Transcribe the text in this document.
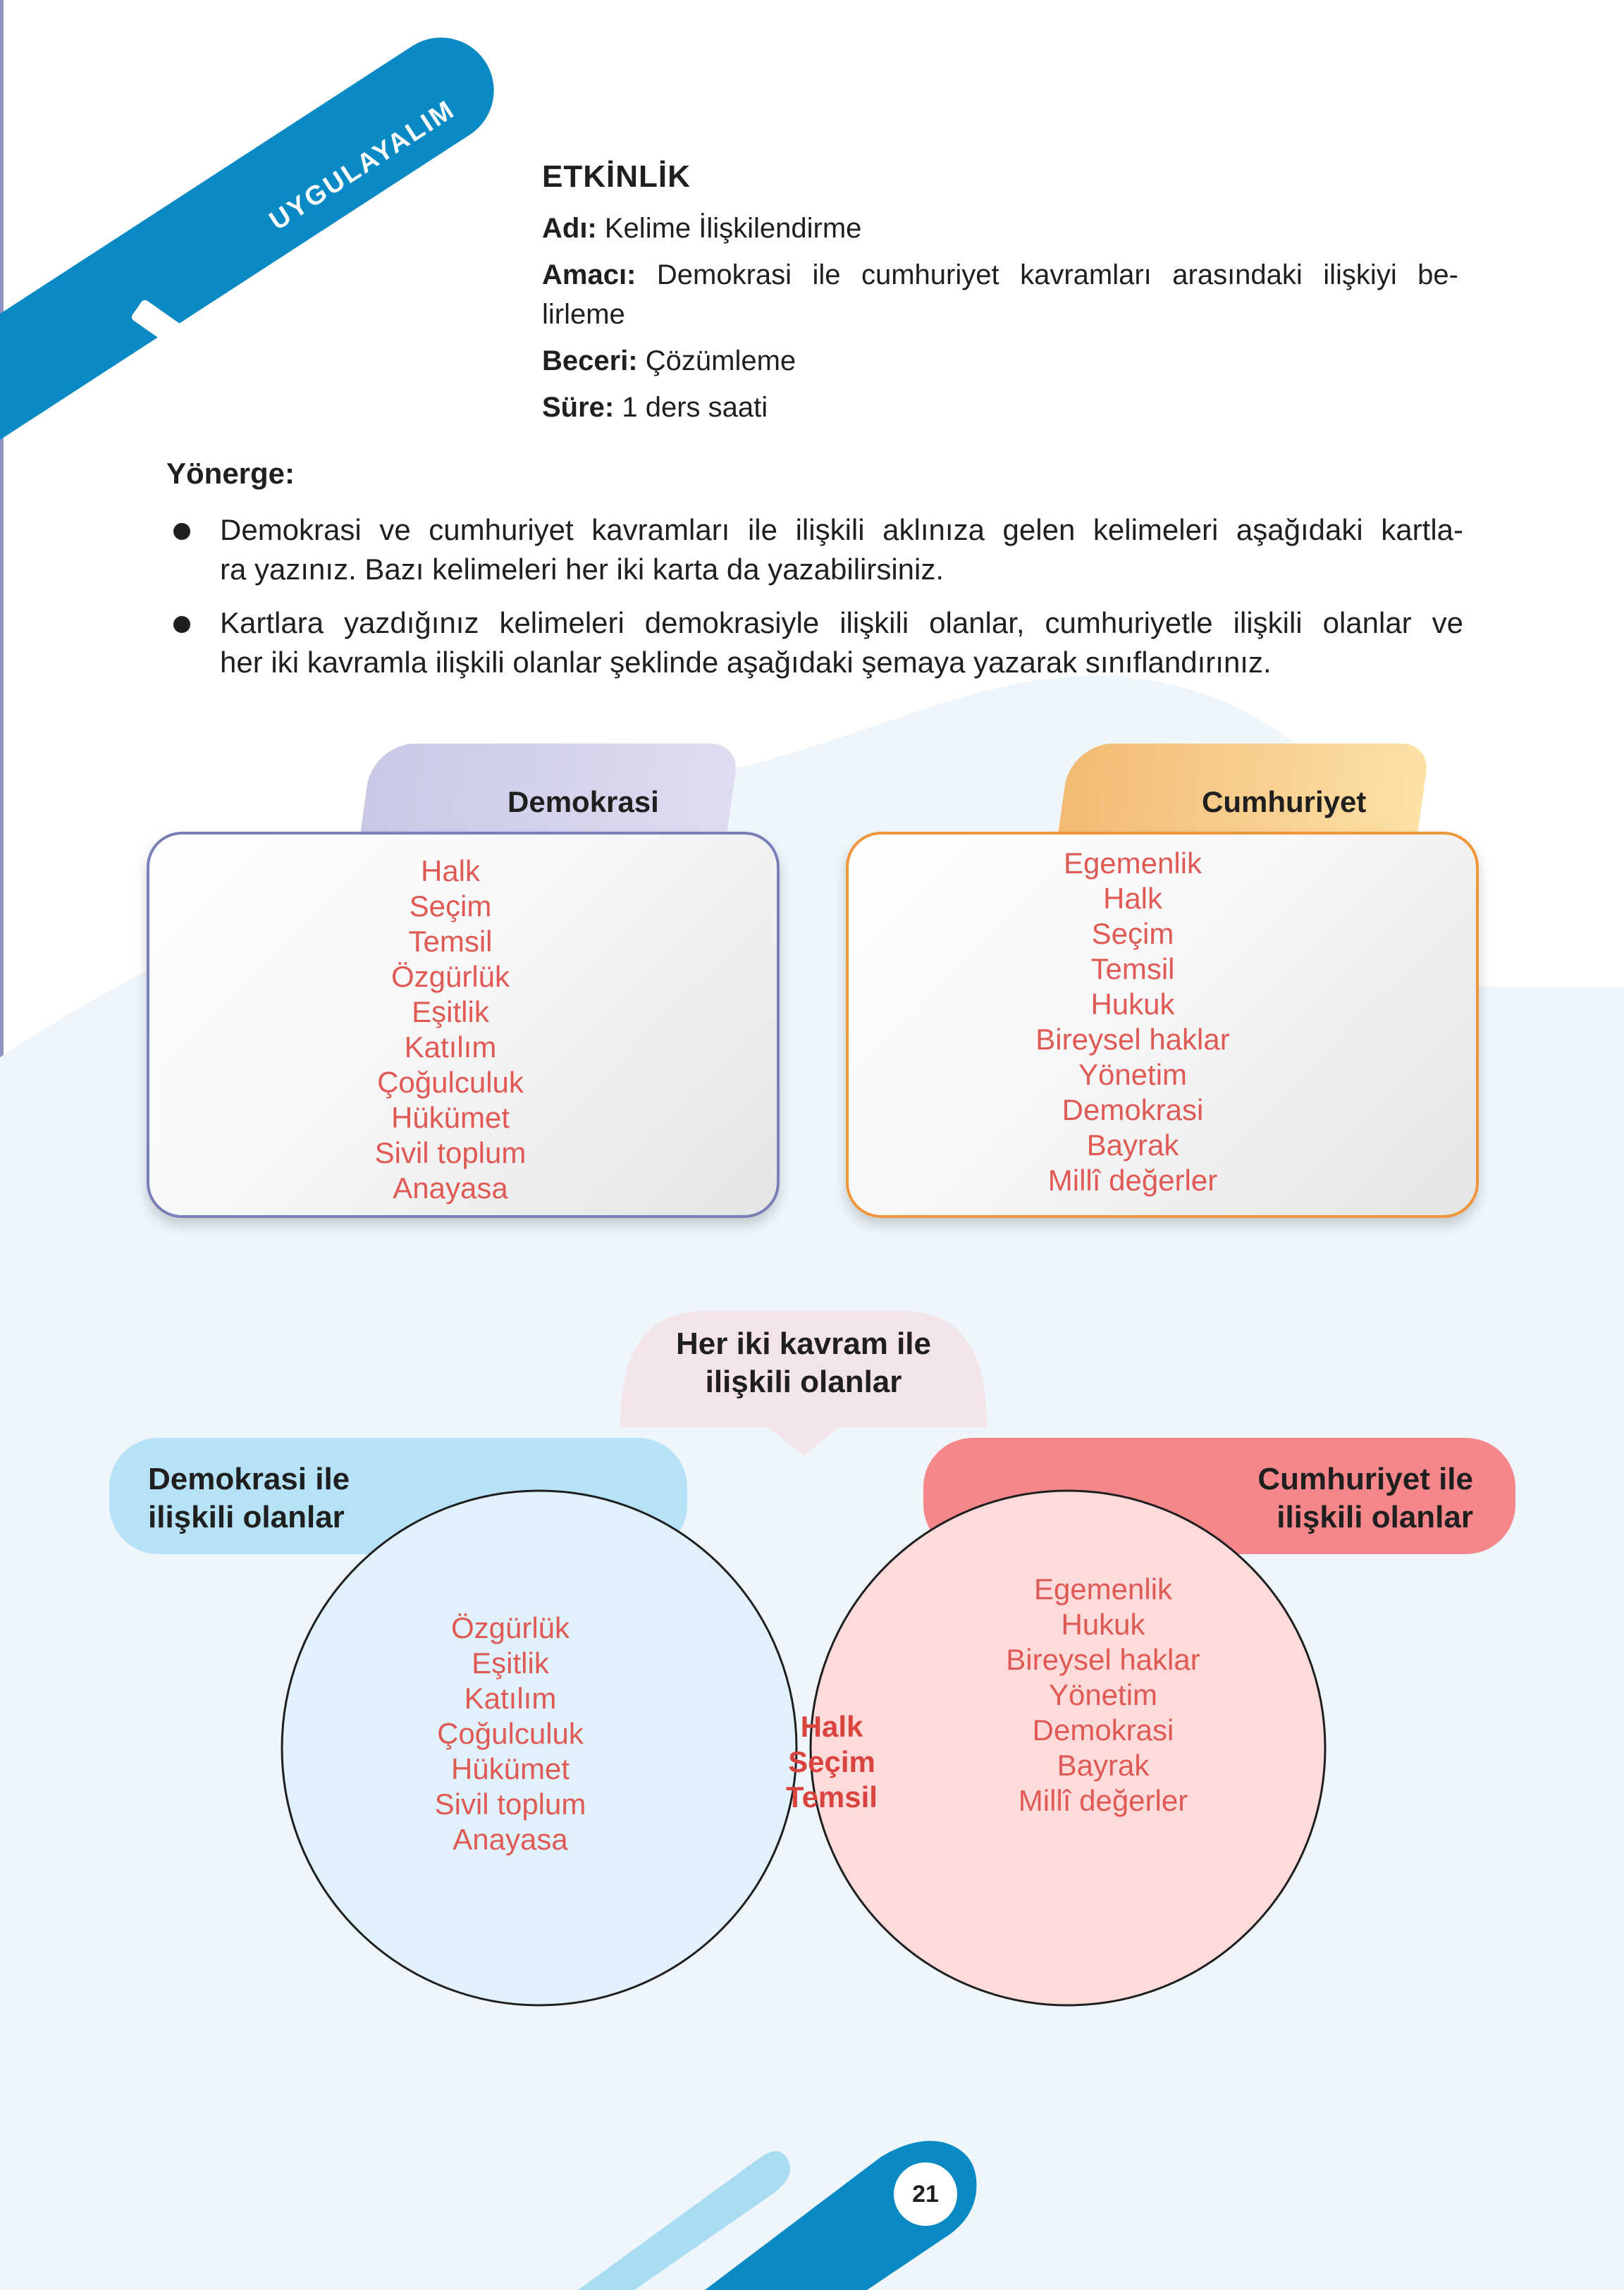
UYGULAYALIM	ETKİNLİK
Adı: Kelime İlişkilendirme
Amacı: Demokrasi ile cumhuriyet kavramları arasındaki ilişkiyi be-
lirleme
Beceri: Çözümleme
Süre: 1 ders saati
Yönerge:
Demokrasi ve cumhuriyet kavramları ile ilişkili aklınıza gelen kelimeleri aşağıdaki kartla-
ra yazınız. Bazı kelimeleri her iki karta da yazabilirsiniz.
Kartlara yazdığınız kelimeleri demokrasiyle ilişkili olanlar, cumhuriyetle ilişkili olanlar ve
her iki kavramla ilişkili olanlar şeklinde aşağıdaki şemaya yazarak sınıflandırınız.
Demokrasi
Halk
Seçim
Temsil
Özgürlük
Eşitlik
Katılım
Çoğulculuk
Hükümet
Sivil toplum
Anayasa
Cumhuriyet
Egemenlik
Halk
Seçim
Temsil
Hukuk
Bireysel haklar
Yönetim
Demokrasi
Bayrak
Millî değerler
Her iki kavram ile
ilişkili olanlar
Demokrasi ile
ilişkili olanlar
Cumhuriyet ile
ilişkili olanlar
Özgürlük
Eşitlik
Katılım
Çoğulculuk
Hükümet
Sivil toplum
Anayasa
Halk
Seçim
Temsil
Egemenlik
Hukuk
Bireysel haklar
Yönetim
Demokrasi
Bayrak
Millî değerler
21
